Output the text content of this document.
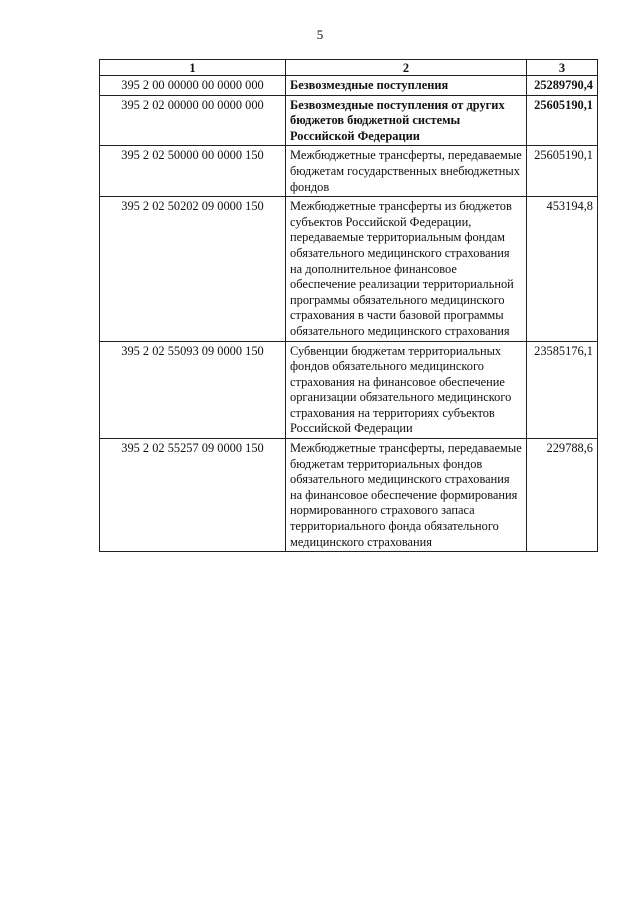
5
1	2	3
395 2 00 00000 00 0000 000	Безвозмездные поступления	25289790,4
395 2 02 00000 00 0000 000	Безвозмездные поступления от других бюджетов бюджетной системы Российской Федерации	25605190,1
395 2 02 50000 00 0000 150	Межбюджетные трансферты, передаваемые бюджетам государственных внебюджетных фондов	25605190,1
395 2 02 50202 09 0000 150	Межбюджетные трансферты из бюджетов субъектов Российской Федерации, передаваемые территориальным фондам обязательного медицинского страхования на дополнительное финансовое обеспечение реализации территориальной программы обязательного медицинского страхования в части базовой программы обязательного медицинского страхования	453194,8
395 2 02 55093 09 0000 150	Субвенции бюджетам территориальных фондов обязательного медицинского страхования на финансовое обеспечение организации обязательного медицинского страхования на территориях субъектов Российской Федерации	23585176,1
395 2 02 55257 09 0000 150	Межбюджетные трансферты, передаваемые бюджетам территориальных фондов обязательного медицинского страхования на финансовое обеспечение формирования нормированного страхового запаса территориального фонда обязательного медицинского страхования	229788,6
